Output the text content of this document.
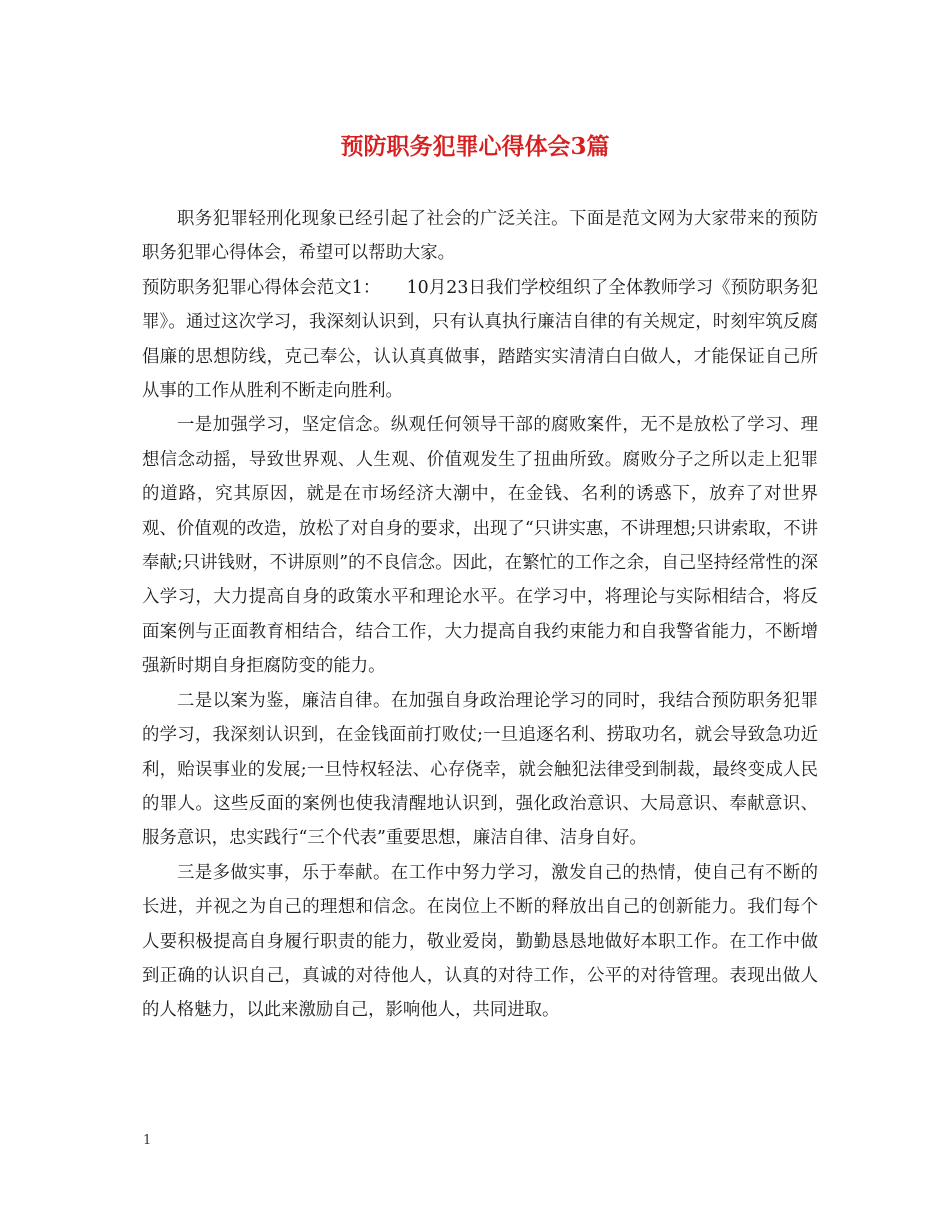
预防职务犯罪心得体会3篇

职务犯罪轻刑化现象已经引起了社会的广泛关注。下面是范文网为大家带来的预防职务犯罪心得体会，希望可以帮助大家。

预防职务犯罪心得体会范文1：　　10月23日我们学校组织了全体教师学习《预防职务犯罪》。通过这次学习，我深刻认识到，只有认真执行廉洁自律的有关规定，时刻牢筑反腐倡廉的思想防线，克己奉公，认认真真做事，踏踏实实清清白白做人，才能保证自己所从事的工作从胜利不断走向胜利。

一是加强学习，坚定信念。纵观任何领导干部的腐败案件，无不是放松了学习、理想信念动摇，导致世界观、人生观、价值观发生了扭曲所致。腐败分子之所以走上犯罪的道路，究其原因，就是在市场经济大潮中，在金钱、名利的诱惑下，放弃了对世界观、价值观的改造，放松了对自身的要求，出现了“只讲实惠，不讲理想;只讲索取，不讲奉献;只讲钱财，不讲原则”的不良信念。因此，在繁忙的工作之余，自己坚持经常性的深入学习，大力提高自身的政策水平和理论水平。在学习中，将理论与实际相结合，将反面案例与正面教育相结合，结合工作，大力提高自我约束能力和自我警省能力，不断增强新时期自身拒腐防变的能力。

二是以案为鉴，廉洁自律。在加强自身政治理论学习的同时，我结合预防职务犯罪的学习，我深刻认识到，在金钱面前打败仗;一旦追逐名利、捞取功名，就会导致急功近利，贻误事业的发展;一旦恃权轻法、心存侥幸，就会触犯法律受到制裁，最终变成人民的罪人。这些反面的案例也使我清醒地认识到，强化政治意识、大局意识、奉献意识、服务意识，忠实践行“三个代表”重要思想，廉洁自律、洁身自好。

三是多做实事，乐于奉献。在工作中努力学习，激发自己的热情，使自己有不断的长进，并视之为自己的理想和信念。在岗位上不断的释放出自己的创新能力。我们每个人要积极提高自身履行职责的能力，敬业爱岗，勤勤恳恳地做好本职工作。在工作中做到正确的认识自己，真诚的对待他人，认真的对待工作，公平的对待管理。表现出做人的人格魅力，以此来激励自己，影响他人，共同进取。

1
